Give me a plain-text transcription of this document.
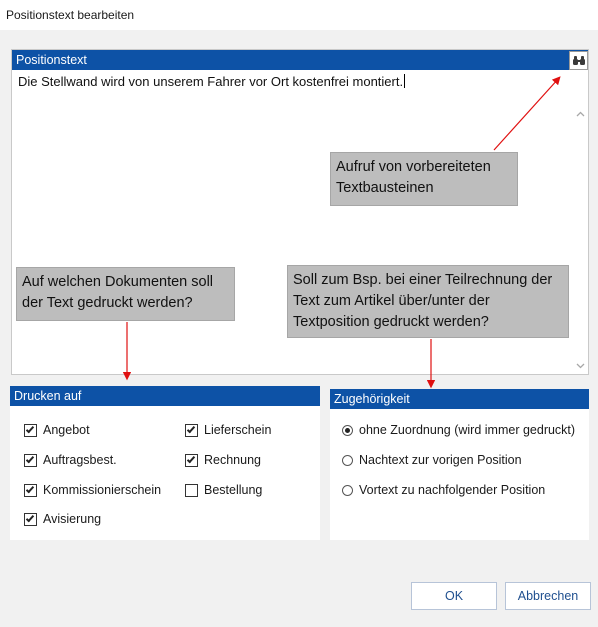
Positionstext bearbeiten
Positionstext
Die Stellwand wird von unserem Fahrer vor Ort kostenfrei montiert.
Aufruf von vorbereiteten Textbausteinen
Auf welchen Dokumenten soll der Text gedruckt werden?
Soll zum Bsp. bei einer Teilrechnung der Text zum Artikel über/unter der Textposition gedruckt werden?
Drucken auf
Angebot	Lieferschein
Auftragsbest.	Rechnung
Kommissionierschein	Bestellung
Avisierung
Zugehörigkeit
ohne Zuordnung (wird immer gedruckt)
Nachtext zur vorigen Position
Vortext zu nachfolgender Position
OK	Abbrechen
